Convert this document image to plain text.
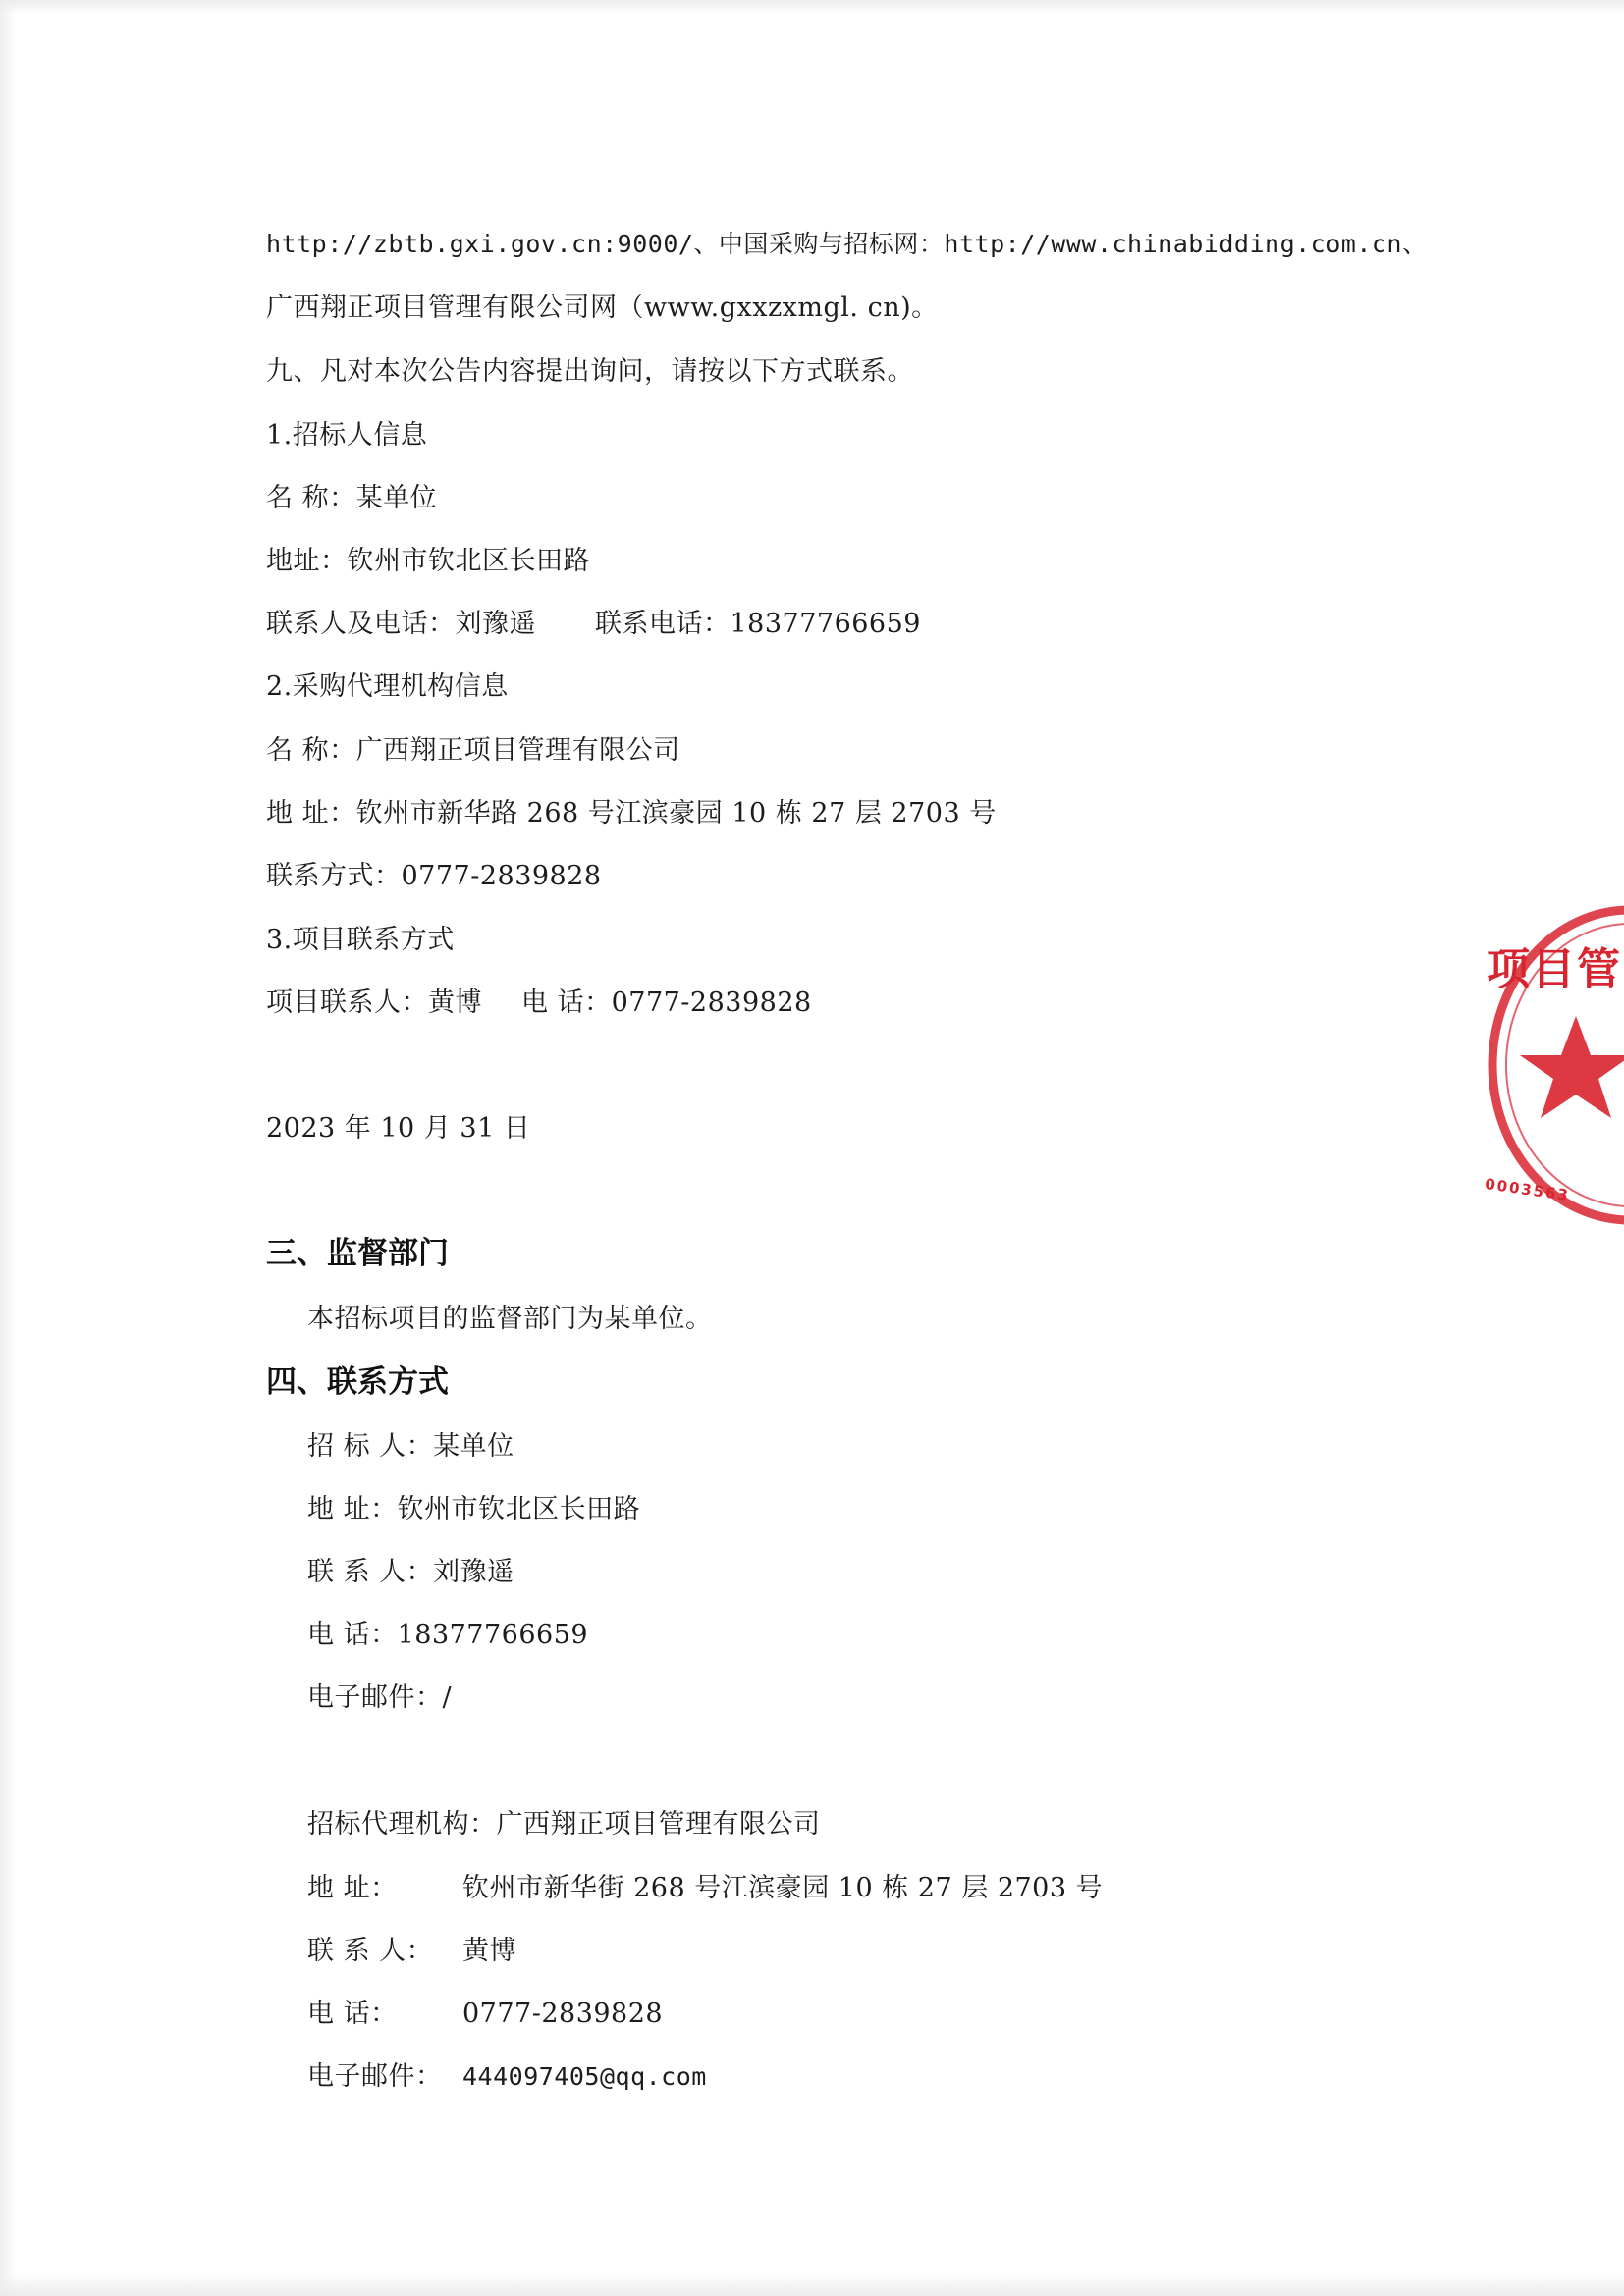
http://zbtb.gxi.gov.cn:9000/、中国采购与招标网：http://www.chinabidding.com.cn、
广西翔正项目管理有限公司网（www.gxxzxmgl. cn)。
九、凡对本次公告内容提出询问，请按以下方式联系。
1.招标人信息
名 称：某单位
地址：钦州市钦北区长田路
联系人及电话：刘豫遥 联系电话：18377766659
2.采购代理机构信息
名 称：广西翔正项目管理有限公司
地 址：钦州市新华路 268 号江滨豪园 10 栋 27 层 2703 号
联系方式：0777-2839828
3.项目联系方式
项目联系人：黄博 电 话：0777-2839828
2023 年 10 月 31 日
三、监督部门
本招标项目的监督部门为某单位。
四、联系方式
招 标 人：某单位
地 址：钦州市钦北区长田路
联 系 人：刘豫遥
电 话：18377766659
电子邮件：/
招标代理机构：广西翔正项目管理有限公司
地 址： 钦州市新华街 268 号江滨豪园 10 栋 27 层 2703 号
联 系 人： 黄博
电 话： 0777-2839828
电子邮件： 444097405@qq.com
项目管
0003563
